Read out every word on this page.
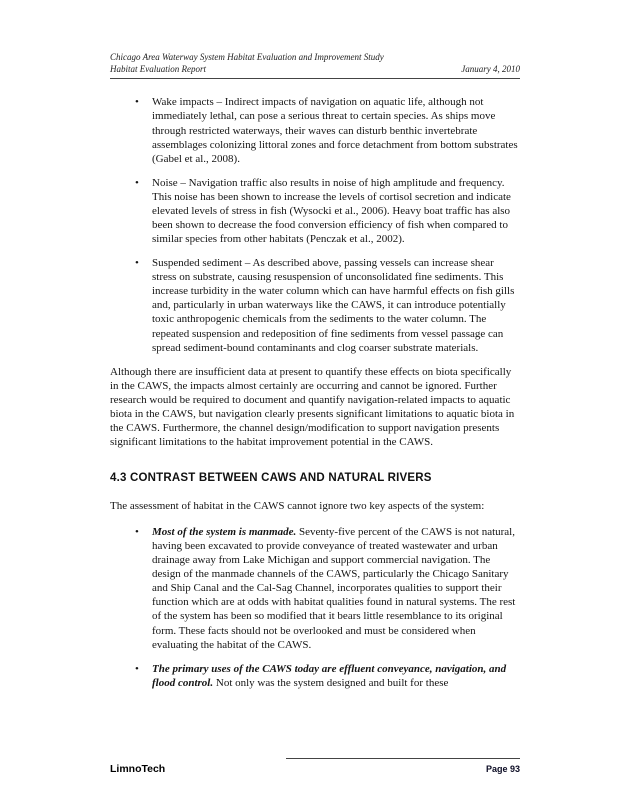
Chicago Area Waterway System Habitat Evaluation and Improvement Study
Habitat Evaluation Report	January 4, 2010
• Wake impacts – Indirect impacts of navigation on aquatic life, although not immediately lethal, can pose a serious threat to certain species. As ships move through restricted waterways, their waves can disturb benthic invertebrate assemblages colonizing littoral zones and force detachment from bottom substrates (Gabel et al., 2008).
• Noise – Navigation traffic also results in noise of high amplitude and frequency. This noise has been shown to increase the levels of cortisol secretion and indicate elevated levels of stress in fish (Wysocki et al., 2006). Heavy boat traffic has also been shown to decrease the food conversion efficiency of fish when compared to similar species from other habitats (Penczak et al., 2002).
• Suspended sediment – As described above, passing vessels can increase shear stress on substrate, causing resuspension of unconsolidated fine sediments. This increase turbidity in the water column which can have harmful effects on fish gills and, particularly in urban waterways like the CAWS, it can introduce potentially toxic anthropogenic chemicals from the sediments to the water column. The repeated suspension and redeposition of fine sediments from vessel passage can spread sediment-bound contaminants and clog coarser substrate materials.

Although there are insufficient data at present to quantify these effects on biota specifically in the CAWS, the impacts almost certainly are occurring and cannot be ignored. Further research would be required to document and quantify navigation-related impacts to aquatic biota in the CAWS, but navigation clearly presents significant limitations to aquatic biota in the CAWS. Furthermore, the channel design/modification to support navigation presents significant limitations to the habitat improvement potential in the CAWS.

4.3 CONTRAST BETWEEN CAWS AND NATURAL RIVERS

The assessment of habitat in the CAWS cannot ignore two key aspects of the system:

• Most of the system is manmade. Seventy-five percent of the CAWS is not natural, having been excavated to provide conveyance of treated wastewater and urban drainage away from Lake Michigan and support commercial navigation. The design of the manmade channels of the CAWS, particularly the Chicago Sanitary and Ship Canal and the Cal-Sag Channel, incorporates qualities to support their function which are at odds with habitat qualities found in natural systems. The rest of the system has been so modified that it bears little resemblance to its original form. These facts should not be overlooked and must be considered when evaluating the habitat of the CAWS.
• The primary uses of the CAWS today are effluent conveyance, navigation, and flood control. Not only was the system designed and built for these
LimnoTech	Page 93
